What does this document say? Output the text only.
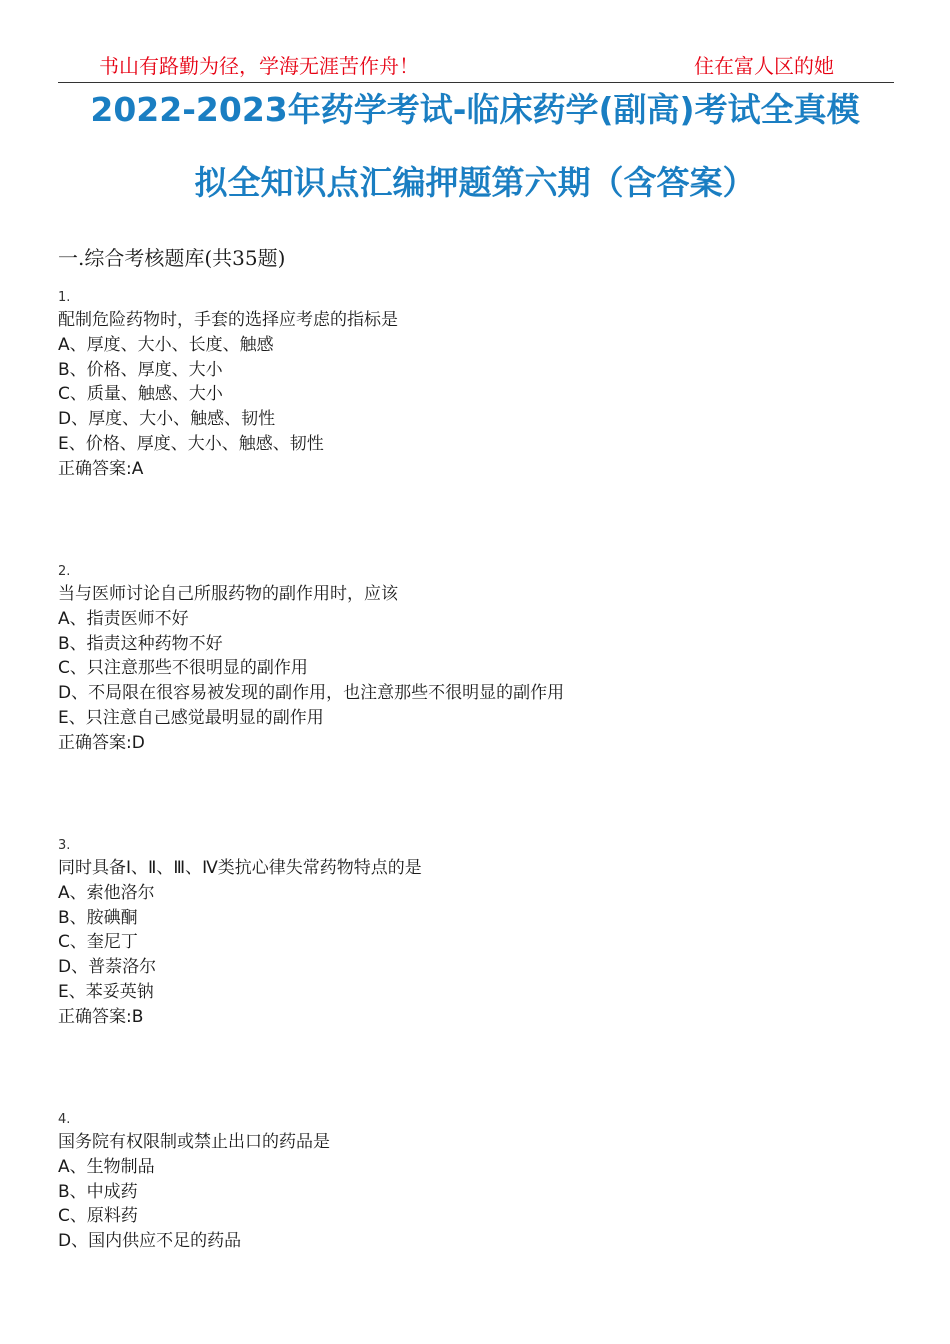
书山有路勤为径，学海无涯苦作舟！	住在富人区的她
2022-2023年药学考试-临床药学(副高)考试全真模
拟全知识点汇编押题第六期（含答案）
一.综合考核题库(共35题)
1.
配制危险药物时，手套的选择应考虑的指标是
A、厚度、大小、长度、触感
B、价格、厚度、大小
C、质量、触感、大小
D、厚度、大小、触感、韧性
E、价格、厚度、大小、触感、韧性
正确答案:A
2.
当与医师讨论自己所服药物的副作用时，应该
A、指责医师不好
B、指责这种药物不好
C、只注意那些不很明显的副作用
D、不局限在很容易被发现的副作用，也注意那些不很明显的副作用
E、只注意自己感觉最明显的副作用
正确答案:D
3.
同时具备Ⅰ、Ⅱ、Ⅲ、Ⅳ类抗心律失常药物特点的是
A、索他洛尔
B、胺碘酮
C、奎尼丁
D、普萘洛尔
E、苯妥英钠
正确答案:B
4.
国务院有权限制或禁止出口的药品是
A、生物制品
B、中成药
C、原料药
D、国内供应不足的药品
